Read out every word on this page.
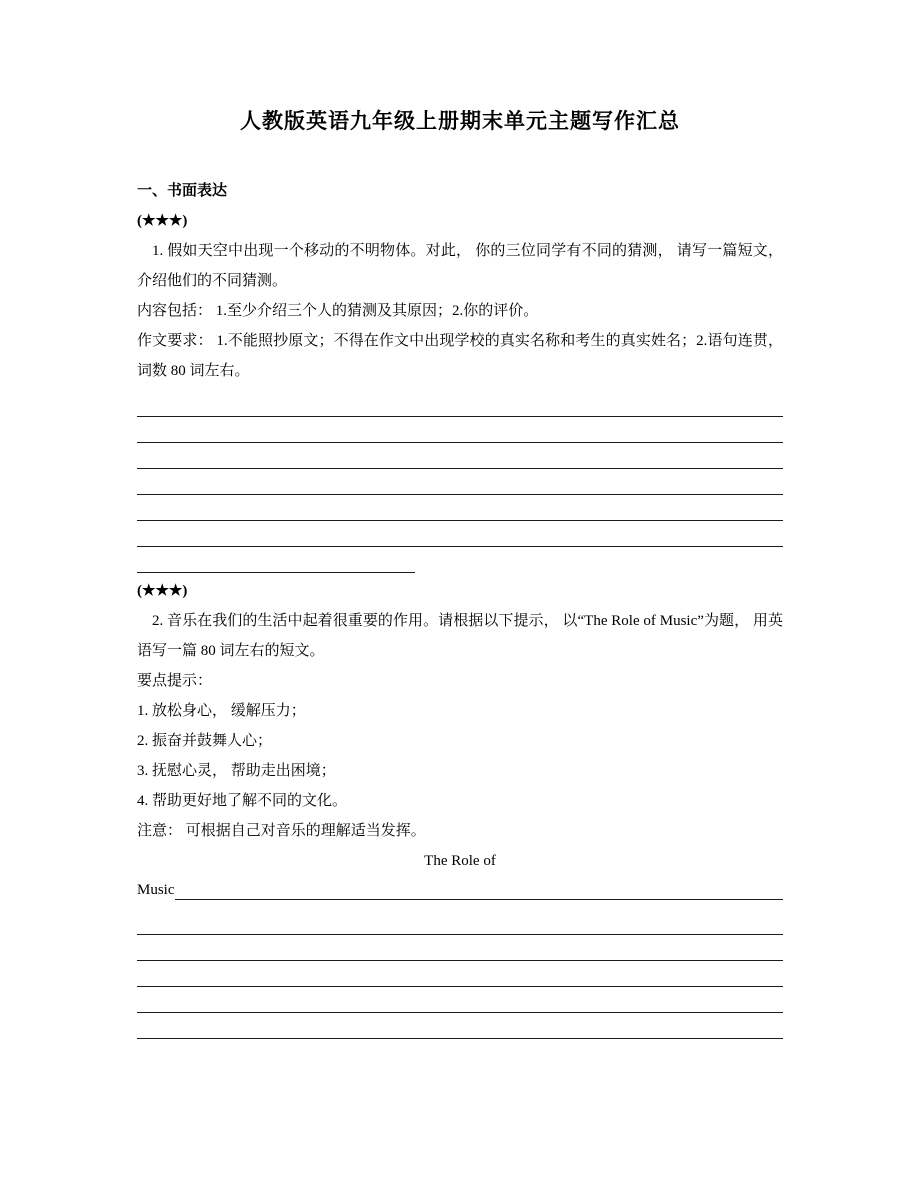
人教版英语九年级上册期末单元主题写作汇总

一、书面表达

(★★★)

1. 假如天空中出现一个移动的不明物体。对此， 你的三位同学有不同的猜测， 请写一篇短文，介绍他们的不同猜测。

内容包括： 1.至少介绍三个人的猜测及其原因；2.你的评价。

作文要求： 1.不能照抄原文；不得在作文中出现学校的真实名称和考生的真实姓名；2.语句连贯，词数 80 词左右。

(★★★)

2. 音乐在我们的生活中起着很重要的作用。请根据以下提示， 以“The Role of Music”为题， 用英语写一篇 80 词左右的短文。

要点提示：

1. 放松身心， 缓解压力；

2. 振奋并鼓舞人心；

3. 抚慰心灵， 帮助走出困境；

4. 帮助更好地了解不同的文化。

注意： 可根据自己对音乐的理解适当发挥。

The Role of

Music
